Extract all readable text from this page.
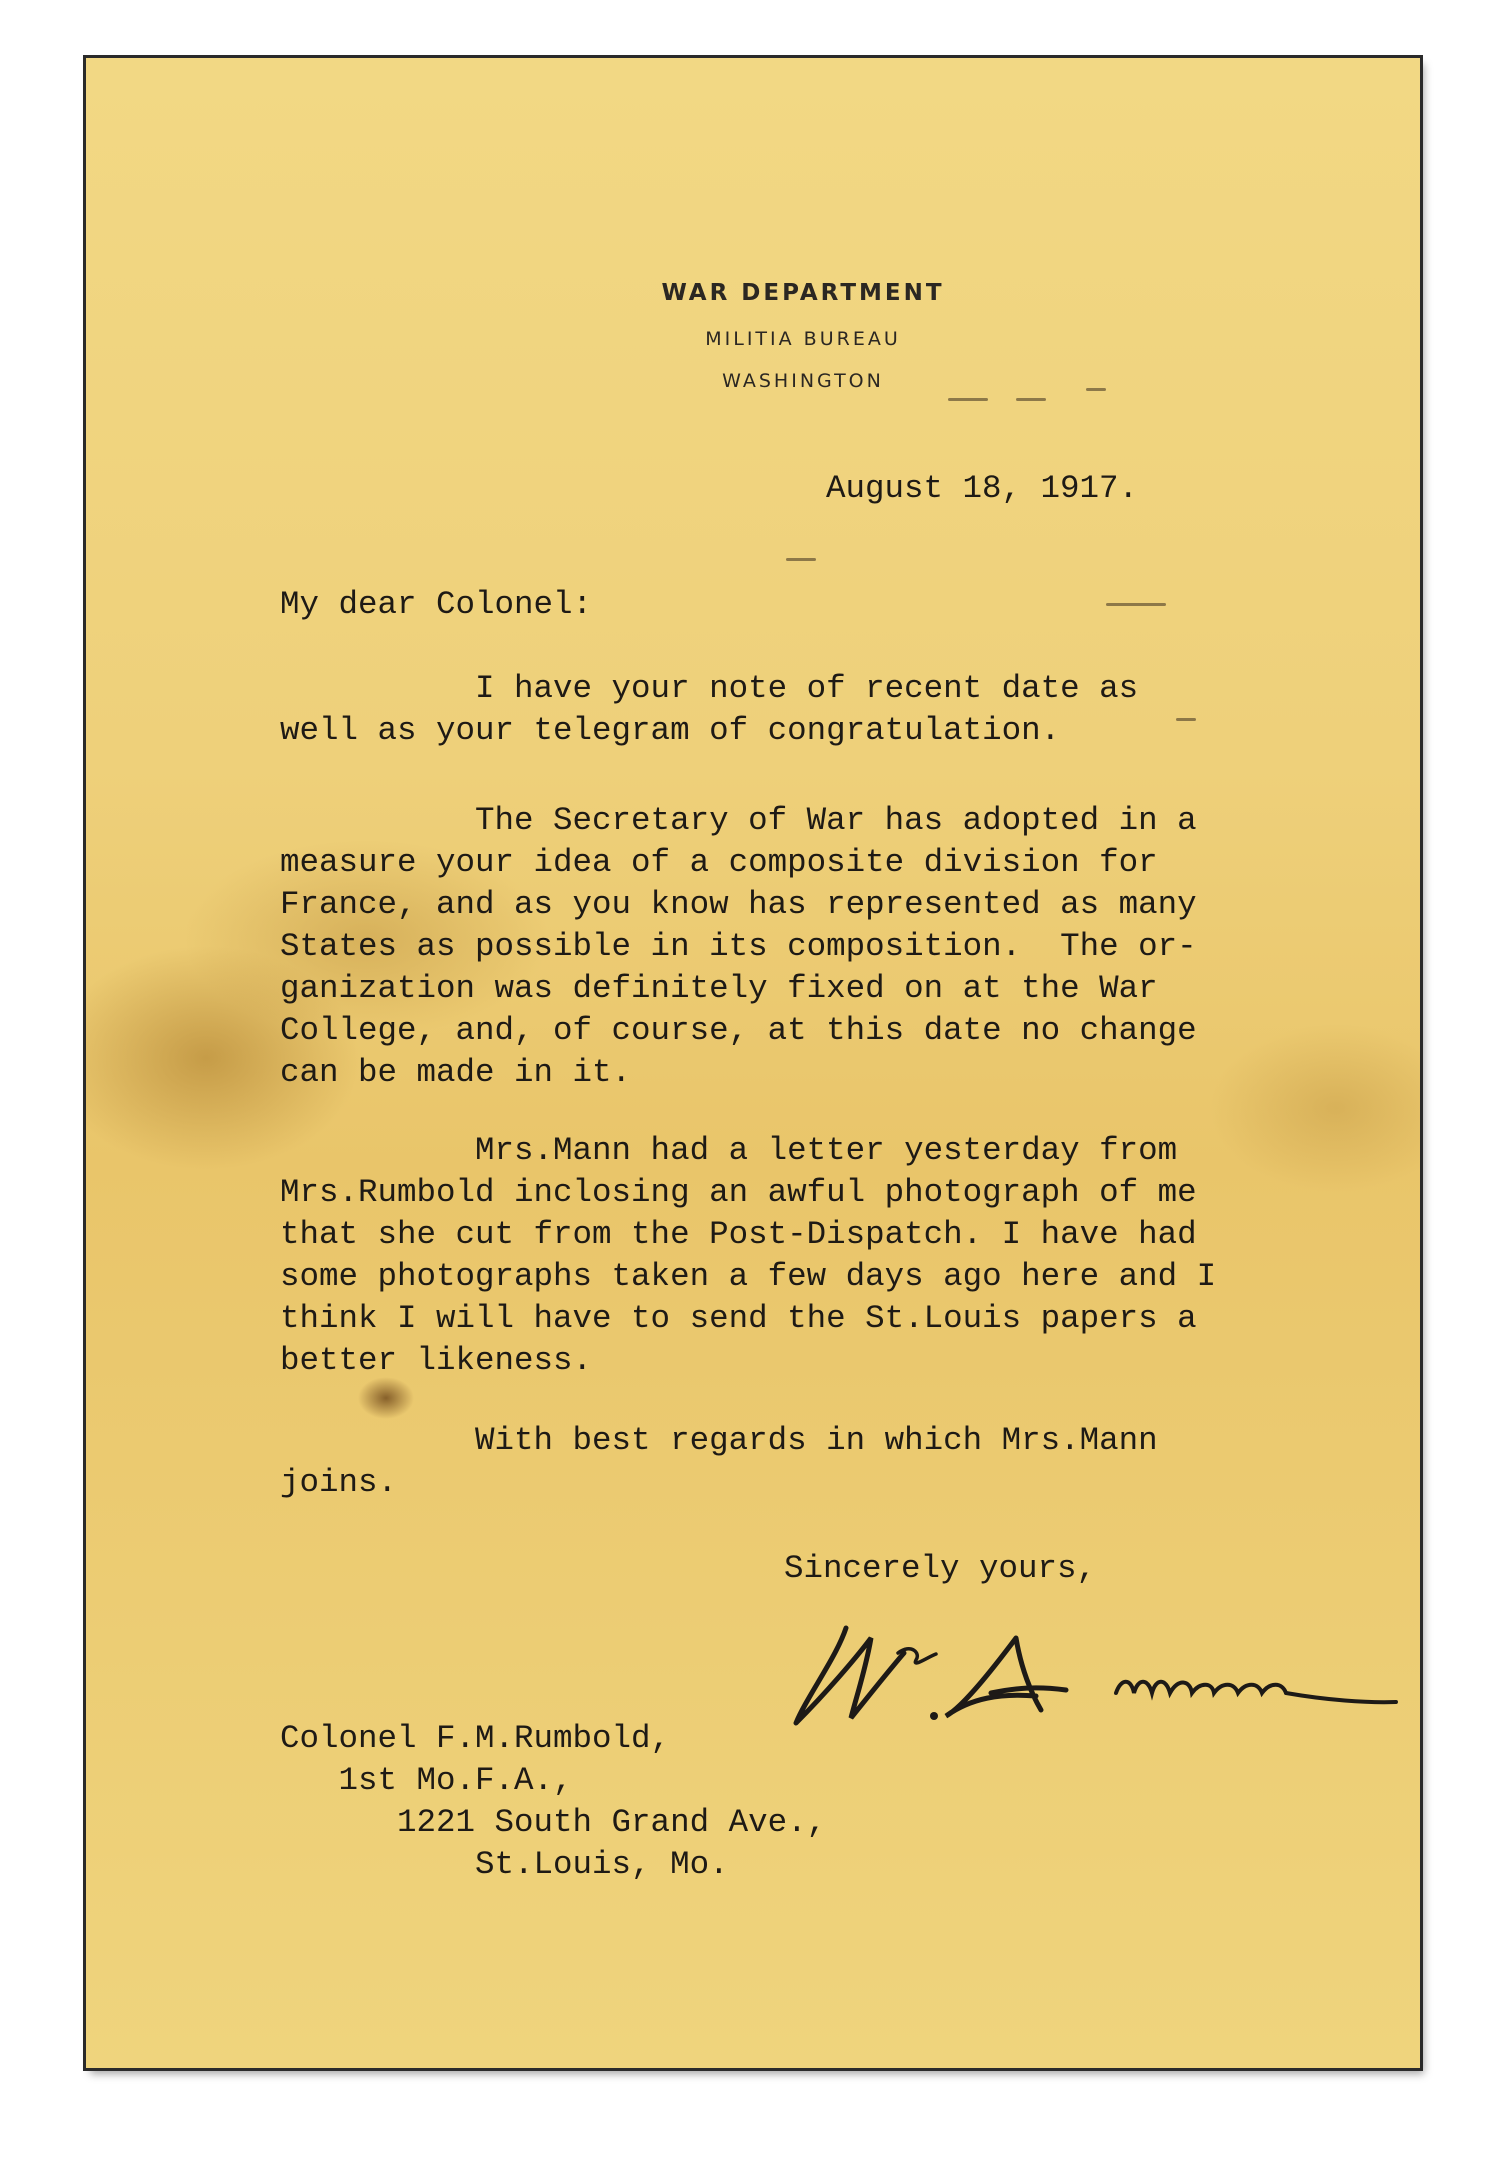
WAR DEPARTMENT
MILITIA BUREAU
WASHINGTON
August 18, 1917.
My dear Colonel:
I have your note of recent date as
well as your telegram of congratulation.
The Secretary of War has adopted in a
measure your idea of a composite division for
France, and as you know has represented as many
States as possible in its composition.  The or-
ganization was definitely fixed on at the War
College, and, of course, at this date no change
can be made in it.
Mrs.Mann had a letter yesterday from
Mrs.Rumbold inclosing an awful photograph of me
that she cut from the Post-Dispatch. I have had
some photographs taken a few days ago here and I
think I will have to send the St.Louis papers a
better likeness.
With best regards in which Mrs.Mann
joins.
Sincerely yours,
Colonel F.M.Rumbold,
1st Mo.F.A.,
1221 South Grand Ave.,
St.Louis, Mo.
